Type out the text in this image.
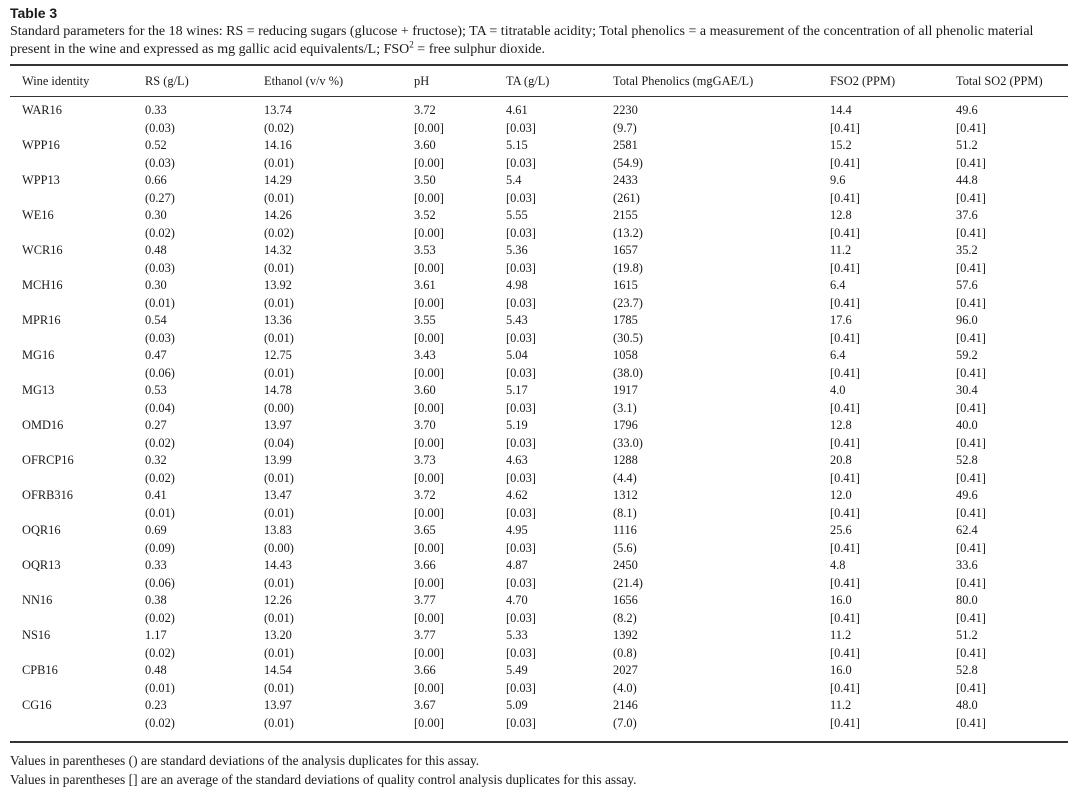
Table 3
Standard parameters for the 18 wines: RS = reducing sugars (glucose + fructose); TA = titratable acidity; Total phenolics = a measurement of the concentration of all phenolic material present in the wine and expressed as mg gallic acid equivalents/L; $FSO^2$ = free sulphur dioxide.
Wine identity	RS (g/L)	Ethanol (v/v %)	pH	TA (g/L)	Total Phenolics (mgGAE/L)	FSO2 (PPM)	Total SO2 (PPM)
WAR16	0.33	13.74	3.72	4.61	2230	14.4	49.6
	(0.03)	(0.02)	[0.00]	[0.03]	(9.7)	[0.41]	[0.41]
WPP16	0.52	14.16	3.60	5.15	2581	15.2	51.2
	(0.03)	(0.01)	[0.00]	[0.03]	(54.9)	[0.41]	[0.41]
WPP13	0.66	14.29	3.50	5.4	2433	9.6	44.8
	(0.27)	(0.01)	[0.00]	[0.03]	(261)	[0.41]	[0.41]
WE16	0.30	14.26	3.52	5.55	2155	12.8	37.6
	(0.02)	(0.02)	[0.00]	[0.03]	(13.2)	[0.41]	[0.41]
WCR16	0.48	14.32	3.53	5.36	1657	11.2	35.2
	(0.03)	(0.01)	[0.00]	[0.03]	(19.8)	[0.41]	[0.41]
MCH16	0.30	13.92	3.61	4.98	1615	6.4	57.6
	(0.01)	(0.01)	[0.00]	[0.03]	(23.7)	[0.41]	[0.41]
MPR16	0.54	13.36	3.55	5.43	1785	17.6	96.0
	(0.03)	(0.01)	[0.00]	[0.03]	(30.5)	[0.41]	[0.41]
MG16	0.47	12.75	3.43	5.04	1058	6.4	59.2
	(0.06)	(0.01)	[0.00]	[0.03]	(38.0)	[0.41]	[0.41]
MG13	0.53	14.78	3.60	5.17	1917	4.0	30.4
	(0.04)	(0.00)	[0.00]	[0.03]	(3.1)	[0.41]	[0.41]
OMD16	0.27	13.97	3.70	5.19	1796	12.8	40.0
	(0.02)	(0.04)	[0.00]	[0.03]	(33.0)	[0.41]	[0.41]
OFRCP16	0.32	13.99	3.73	4.63	1288	20.8	52.8
	(0.02)	(0.01)	[0.00]	[0.03]	(4.4)	[0.41]	[0.41]
OFRB316	0.41	13.47	3.72	4.62	1312	12.0	49.6
	(0.01)	(0.01)	[0.00]	[0.03]	(8.1)	[0.41]	[0.41]
OQR16	0.69	13.83	3.65	4.95	1116	25.6	62.4
	(0.09)	(0.00)	[0.00]	[0.03]	(5.6)	[0.41]	[0.41]
OQR13	0.33	14.43	3.66	4.87	2450	4.8	33.6
	(0.06)	(0.01)	[0.00]	[0.03]	(21.4)	[0.41]	[0.41]
NN16	0.38	12.26	3.77	4.70	1656	16.0	80.0
	(0.02)	(0.01)	[0.00]	[0.03]	(8.2)	[0.41]	[0.41]
NS16	1.17	13.20	3.77	5.33	1392	11.2	51.2
	(0.02)	(0.01)	[0.00]	[0.03]	(0.8)	[0.41]	[0.41]
CPB16	0.48	14.54	3.66	5.49	2027	16.0	52.8
	(0.01)	(0.01)	[0.00]	[0.03]	(4.0)	[0.41]	[0.41]
CG16	0.23	13.97	3.67	5.09	2146	11.2	48.0
	(0.02)	(0.01)	[0.00]	[0.03]	(7.0)	[0.41]	[0.41]
Values in parentheses () are standard deviations of the analysis duplicates for this assay.
Values in parentheses [] are an average of the standard deviations of quality control analysis duplicates for this assay.
